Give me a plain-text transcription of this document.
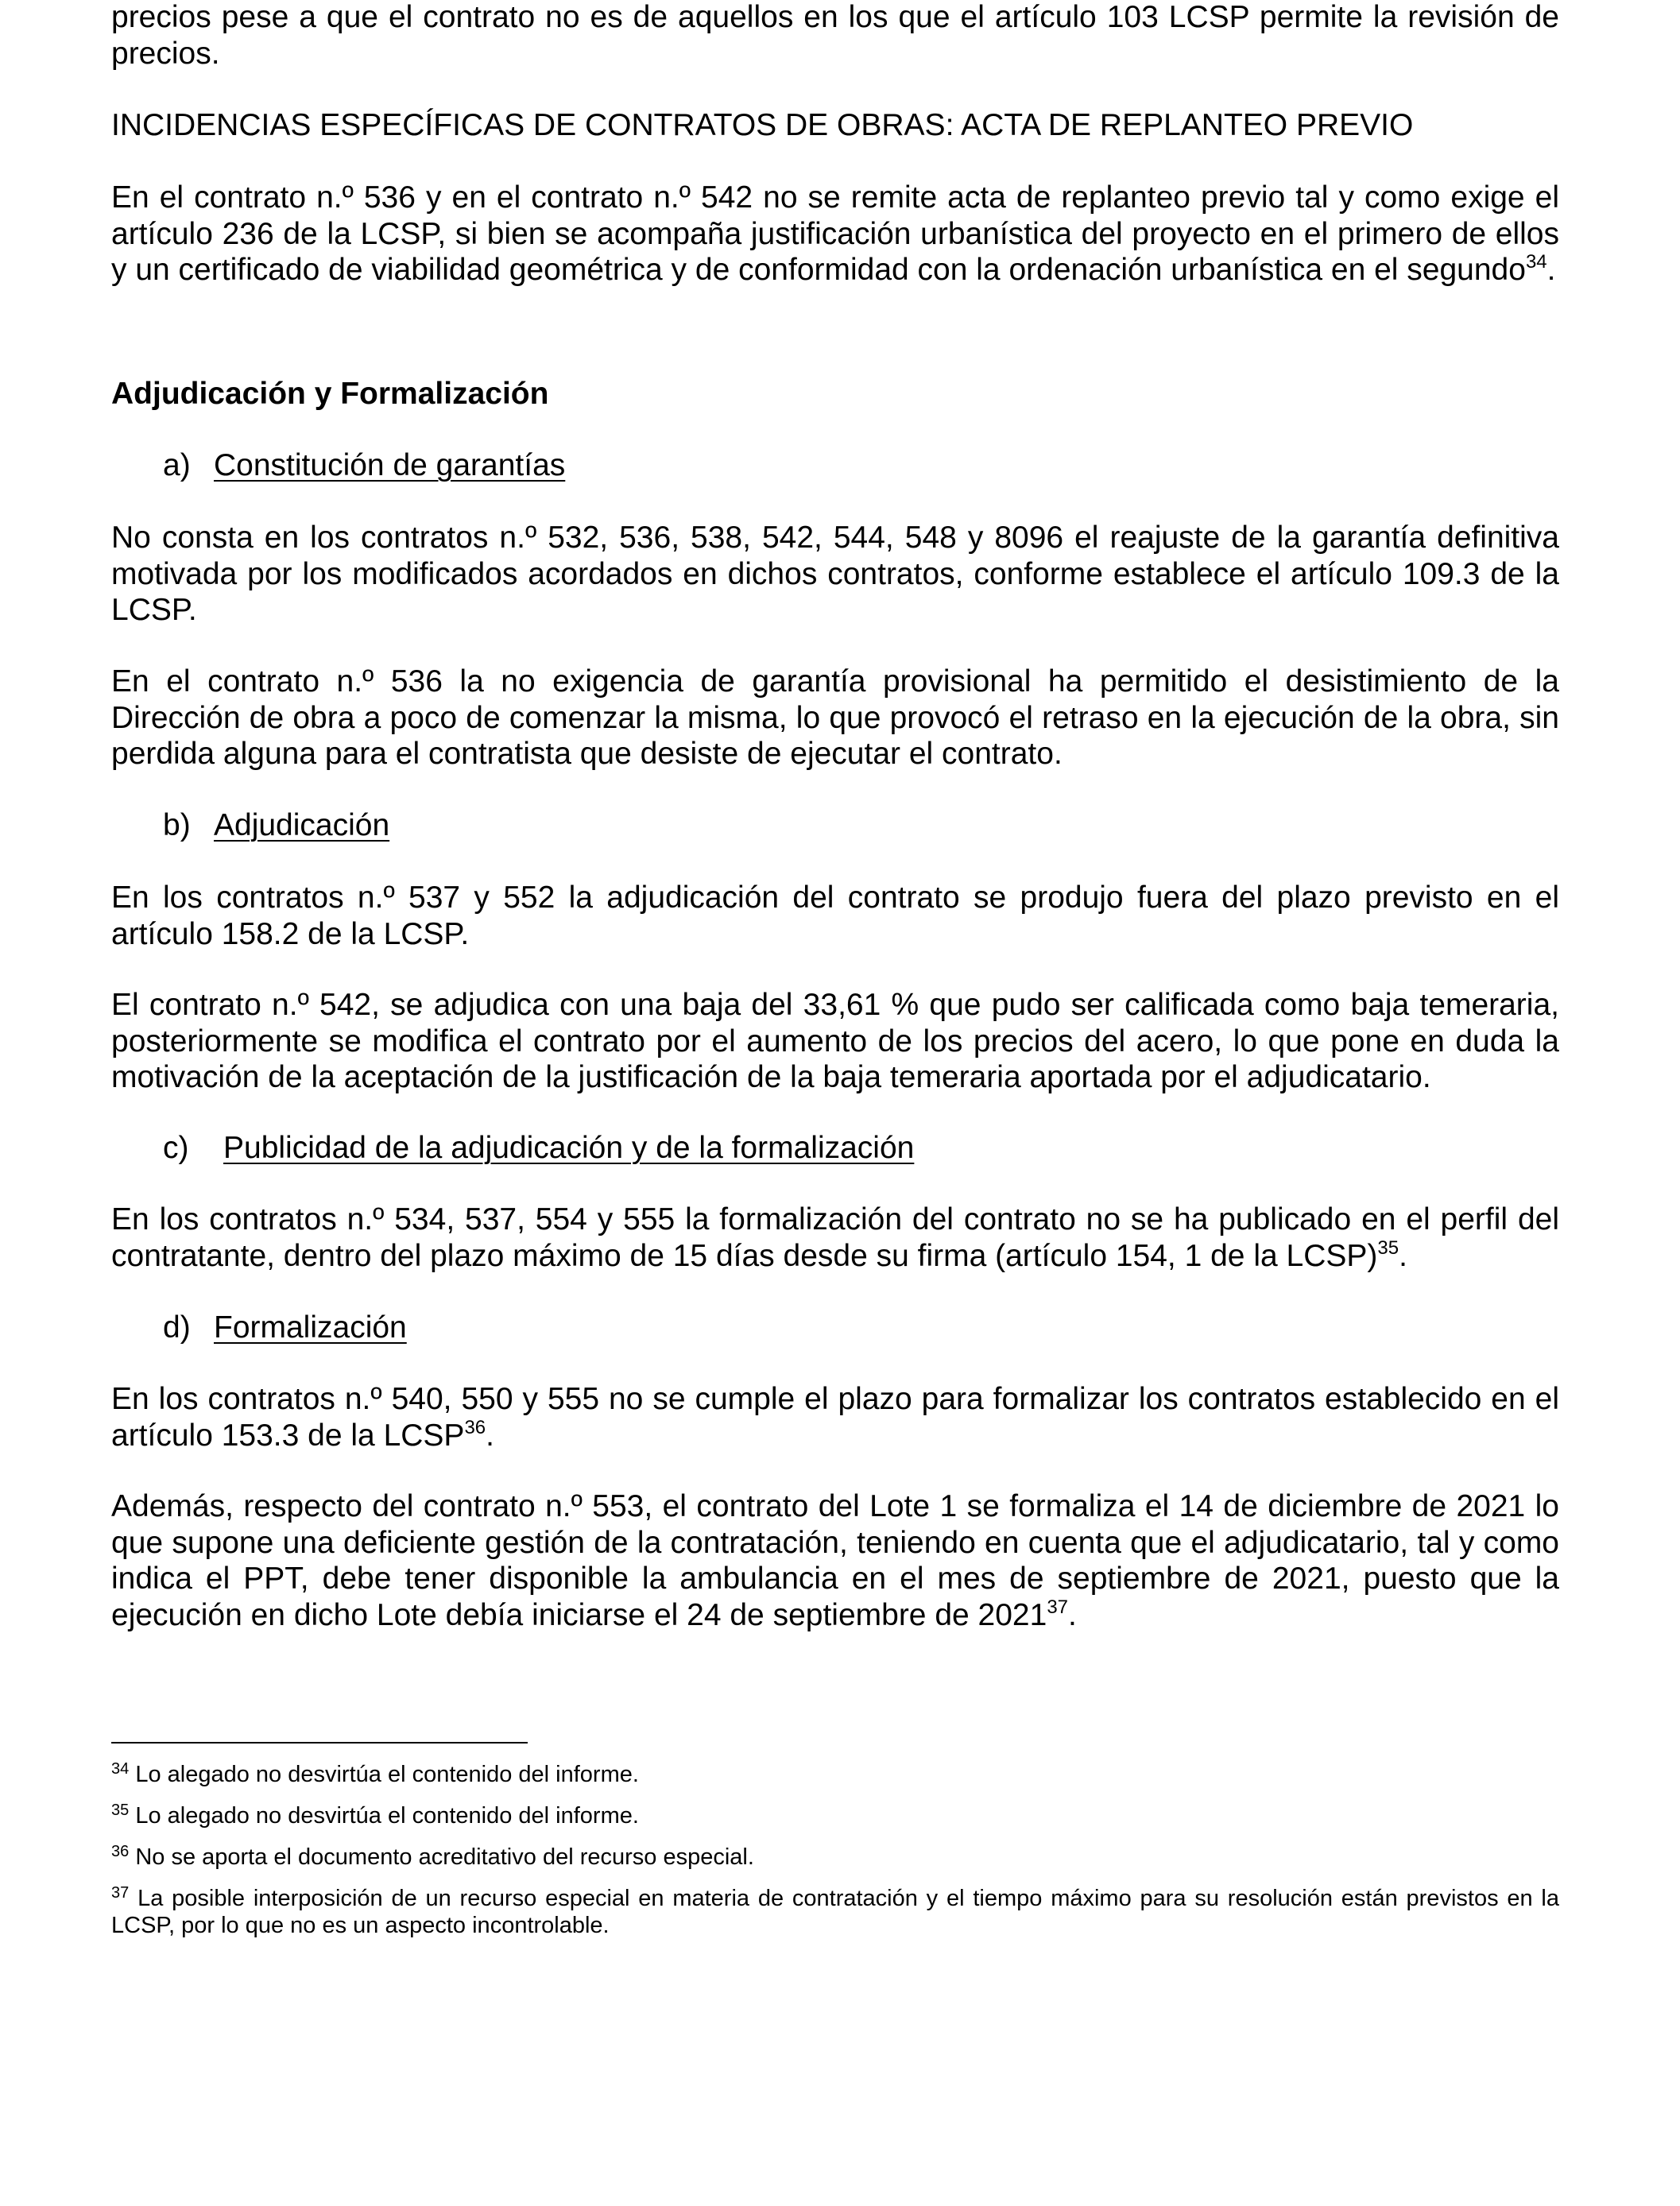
precios pese a que el contrato no es de aquellos en los que el artículo 103 LCSP permite la revisión de precios.

INCIDENCIAS ESPECÍFICAS DE CONTRATOS DE OBRAS: ACTA DE REPLANTEO PREVIO

En el contrato n.º 536 y en el contrato n.º 542 no se remite acta de replanteo previo tal y como exige el artículo 236 de la LCSP, si bien se acompaña justificación urbanística del proyecto en el primero de ellos y un certificado de viabilidad geométrica y de conformidad con la ordenación urbanística en el segundo$^{34}$.

Adjudicación y Formalización

a) Constitución de garantías

No consta en los contratos n.º 532, 536, 538, 542, 544, 548 y 8096 el reajuste de la garantía definitiva motivada por los modificados acordados en dichos contratos, conforme establece el artículo 109.3 de la LCSP.

En el contrato n.º 536 la no exigencia de garantía provisional ha permitido el desistimiento de la Dirección de obra a poco de comenzar la misma, lo que provocó el retraso en la ejecución de la obra, sin perdida alguna para el contratista que desiste de ejecutar el contrato.

b) Adjudicación

En los contratos n.º 537 y 552 la adjudicación del contrato se produjo fuera del plazo previsto en el artículo 158.2 de la LCSP.

El contrato n.º 542, se adjudica con una baja del 33,61 % que pudo ser calificada como baja temeraria, posteriormente se modifica el contrato por el aumento de los precios del acero, lo que pone en duda la motivación de la aceptación de la justificación de la baja temeraria aportada por el adjudicatario.

c) Publicidad de la adjudicación y de la formalización

En los contratos n.º 534, 537, 554 y 555 la formalización del contrato no se ha publicado en el perfil del contratante, dentro del plazo máximo de 15 días desde su firma (artículo 154, 1 de la LCSP)$^{35}$.

d) Formalización

En los contratos n.º 540, 550 y 555 no se cumple el plazo para formalizar los contratos establecido en el artículo 153.3 de la LCSP$^{36}$.

Además, respecto del contrato n.º 553, el contrato del Lote 1 se formaliza el 14 de diciembre de 2021 lo que supone una deficiente gestión de la contratación, teniendo en cuenta que el adjudicatario, tal y como indica el PPT, debe tener disponible la ambulancia en el mes de septiembre de 2021, puesto que la ejecución en dicho Lote debía iniciarse el 24 de septiembre de 2021$^{37}$.

$^{34}$ Lo alegado no desvirtúa el contenido del informe.

$^{35}$ Lo alegado no desvirtúa el contenido del informe.

$^{36}$ No se aporta el documento acreditativo del recurso especial.

$^{37}$ La posible interposición de un recurso especial en materia de contratación y el tiempo máximo para su resolución están previstos en la LCSP, por lo que no es un aspecto incontrolable.
